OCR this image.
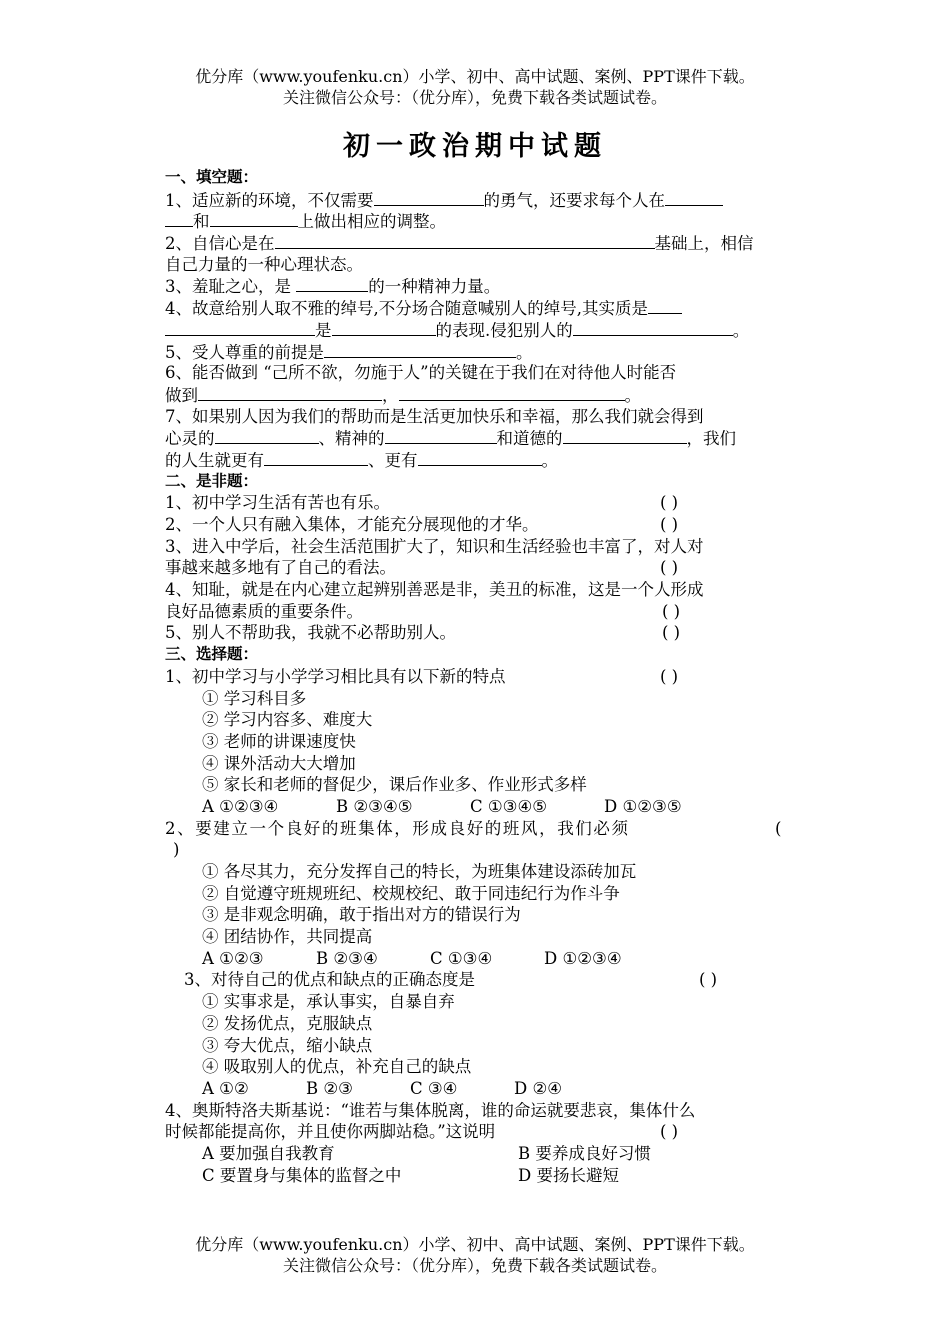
优分库（www.youfenku.cn）小学、初中、高中试题、案例、PPT课件下载。
关注微信公众号：（优分库），免费下载各类试题试卷。
初一政治期中试题
一、填空题：
1、适应新的环境，不仅需要	的勇气，还要求每个人在
和	上做出相应的调整。
2、自信心是在	基础上，相信
自己力量的一种心理状态。
3、羞耻之心，是	的一种精神力量。
4、故意给别人取不雅的绰号,不分场合随意喊别人的绰号,其实质是
是	的表现.侵犯别人的	。
5、受人尊重的前提是	。
6、能否做到 “己所不欲，勿施于人”的关键在于我们在对待他人时能否
做到	，	。
7、如果别人因为我们的帮助而是生活更加快乐和幸福，那么我们就会得到
心灵的	、精神的	和道德的	，我们
的人生就更有	、更有	。
二、是非题：
1、初中学习生活有苦也有乐。	( )
2、一个人只有融入集体，才能充分展现他的才华。	( )
3、进入中学后，社会生活范围扩大了，知识和生活经验也丰富了，对人对
事越来越多地有了自己的看法。	( )
4、知耻，就是在内心建立起辨别善恶是非，美丑的标准，这是一个人形成
良好品德素质的重要条件。	( )
5、别人不帮助我，我就不必帮助别人。	( )
三、选择题：
1、初中学习与小学学习相比具有以下新的特点	( )
① 学习科目多
② 学习内容多、难度大
③ 老师的讲课速度快
④ 课外活动大大增加
⑤ 家长和老师的督促少，课后作业多、作业形式多样
A ①②③④	B ②③④⑤	C ①③④⑤	D ①②③⑤
2、要建立一个良好的班集体，形成良好的班风，我们必须	(
)
① 各尽其力，充分发挥自己的特长，为班集体建设添砖加瓦
② 自觉遵守班规班纪、校规校纪、敢于同违纪行为作斗争
③ 是非观念明确，敢于指出对方的错误行为
④ 团结协作，共同提高
A ①②③	B ②③④	C ①③④	D ①②③④
3、对待自己的优点和缺点的正确态度是	( )
① 实事求是，承认事实，自暴自弃
② 发扬优点，克服缺点
③ 夸大优点，缩小缺点
④ 吸取别人的优点，补充自己的缺点
A ①②	B ②③	C ③④	D ②④
4、奥斯特洛夫斯基说：“谁若与集体脱离，谁的命运就要悲哀，集体什么
时候都能提高你，并且使你两脚站稳。”这说明	( )
A 要加强自我教育	B 要养成良好习惯
C 要置身与集体的监督之中	D 要扬长避短
优分库（www.youfenku.cn）小学、初中、高中试题、案例、PPT课件下载。
关注微信公众号：（优分库），免费下载各类试题试卷。
